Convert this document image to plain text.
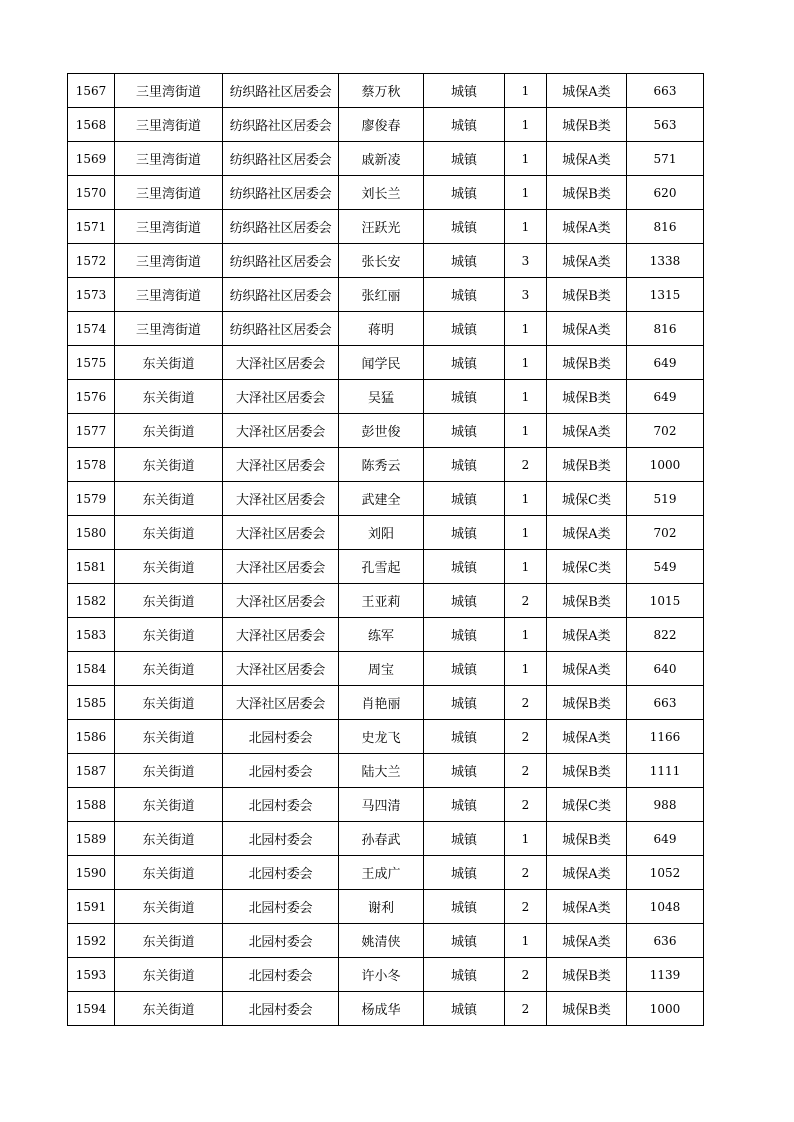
1567	三里湾街道	纺织路社区居委会	蔡万秋	城镇	1	城保A类	663
1568	三里湾街道	纺织路社区居委会	廖俊春	城镇	1	城保B类	563
1569	三里湾街道	纺织路社区居委会	戚新凌	城镇	1	城保A类	571
1570	三里湾街道	纺织路社区居委会	刘长兰	城镇	1	城保B类	620
1571	三里湾街道	纺织路社区居委会	汪跃光	城镇	1	城保A类	816
1572	三里湾街道	纺织路社区居委会	张长安	城镇	3	城保A类	1338
1573	三里湾街道	纺织路社区居委会	张红丽	城镇	3	城保B类	1315
1574	三里湾街道	纺织路社区居委会	蒋明	城镇	1	城保A类	816
1575	东关街道	大泽社区居委会	闻学民	城镇	1	城保B类	649
1576	东关街道	大泽社区居委会	吴猛	城镇	1	城保B类	649
1577	东关街道	大泽社区居委会	彭世俊	城镇	1	城保A类	702
1578	东关街道	大泽社区居委会	陈秀云	城镇	2	城保B类	1000
1579	东关街道	大泽社区居委会	武建全	城镇	1	城保C类	519
1580	东关街道	大泽社区居委会	刘阳	城镇	1	城保A类	702
1581	东关街道	大泽社区居委会	孔雪起	城镇	1	城保C类	549
1582	东关街道	大泽社区居委会	王亚莉	城镇	2	城保B类	1015
1583	东关街道	大泽社区居委会	练军	城镇	1	城保A类	822
1584	东关街道	大泽社区居委会	周宝	城镇	1	城保A类	640
1585	东关街道	大泽社区居委会	肖艳丽	城镇	2	城保B类	663
1586	东关街道	北园村委会	史龙飞	城镇	2	城保A类	1166
1587	东关街道	北园村委会	陆大兰	城镇	2	城保B类	1111
1588	东关街道	北园村委会	马四清	城镇	2	城保C类	988
1589	东关街道	北园村委会	孙春武	城镇	1	城保B类	649
1590	东关街道	北园村委会	王成广	城镇	2	城保A类	1052
1591	东关街道	北园村委会	谢利	城镇	2	城保A类	1048
1592	东关街道	北园村委会	姚清侠	城镇	1	城保A类	636
1593	东关街道	北园村委会	许小冬	城镇	2	城保B类	1139
1594	东关街道	北园村委会	杨成华	城镇	2	城保B类	1000
